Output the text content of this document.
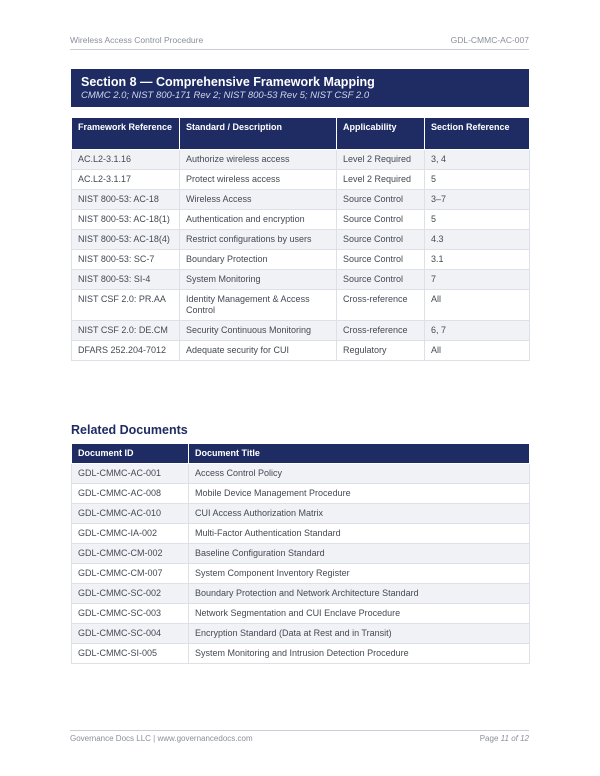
Wireless Access Control Procedure	GDL-CMMC-AC-007
Section 8 — Comprehensive Framework Mapping
CMMC 2.0; NIST 800-171 Rev 2; NIST 800-53 Rev 5; NIST CSF 2.0
Framework Reference	Standard / Description	Applicability	Section Reference
AC.L2-3.1.16	Authorize wireless access	Level 2 Required	3, 4
AC.L2-3.1.17	Protect wireless access	Level 2 Required	5
NIST 800-53: AC-18	Wireless Access	Source Control	3–7
NIST 800-53: AC-18(1)	Authentication and encryption	Source Control	5
NIST 800-53: AC-18(4)	Restrict configurations by users	Source Control	4.3
NIST 800-53: SC-7	Boundary Protection	Source Control	3.1
NIST 800-53: SI-4	System Monitoring	Source Control	7
NIST CSF 2.0: PR.AA	Identity Management & Access Control	Cross-reference	All
NIST CSF 2.0: DE.CM	Security Continuous Monitoring	Cross-reference	6, 7
DFARS 252.204-7012	Adequate security for CUI	Regulatory	All
Related Documents
Document ID	Document Title
GDL-CMMC-AC-001	Access Control Policy
GDL-CMMC-AC-008	Mobile Device Management Procedure
GDL-CMMC-AC-010	CUI Access Authorization Matrix
GDL-CMMC-IA-002	Multi-Factor Authentication Standard
GDL-CMMC-CM-002	Baseline Configuration Standard
GDL-CMMC-CM-007	System Component Inventory Register
GDL-CMMC-SC-002	Boundary Protection and Network Architecture Standard
GDL-CMMC-SC-003	Network Segmentation and CUI Enclave Procedure
GDL-CMMC-SC-004	Encryption Standard (Data at Rest and in Transit)
GDL-CMMC-SI-005	System Monitoring and Intrusion Detection Procedure
Governance Docs LLC | www.governancedocs.com	Page 11 of 12
